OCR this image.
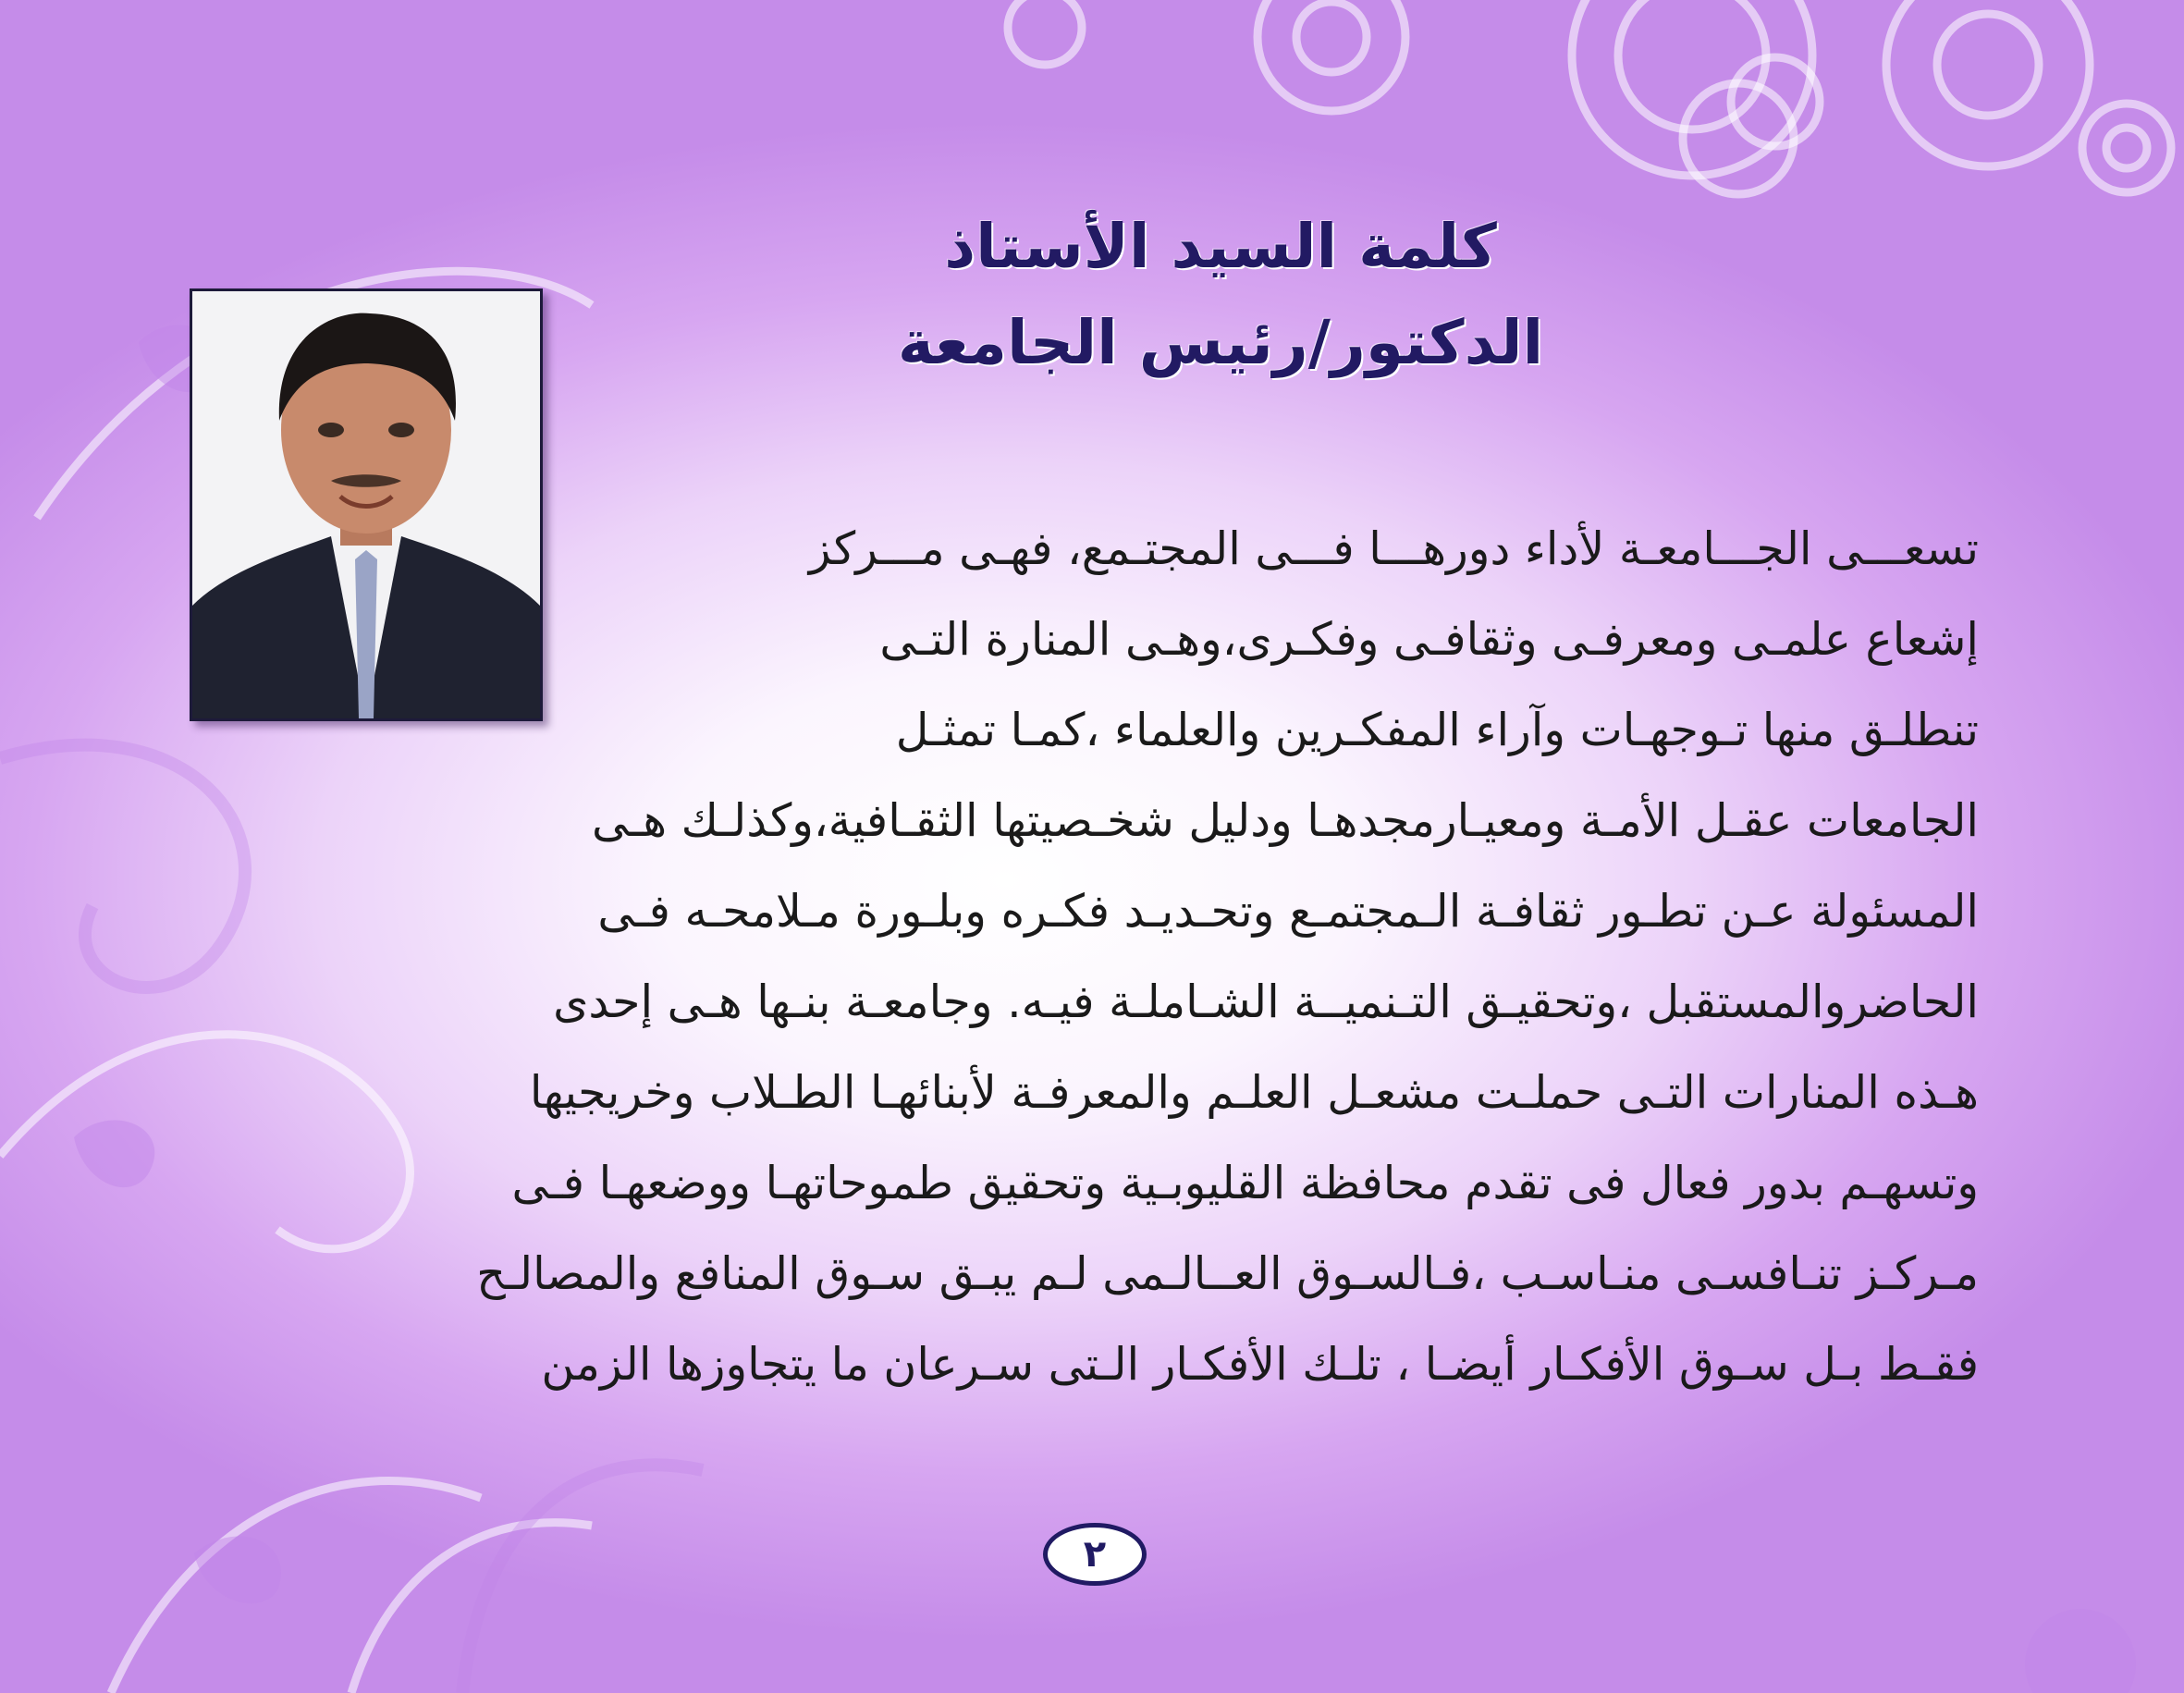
كلمة السيد الأستاذ
الدكتور/رئيس الجامعة
تسعـــى الجـــامعـة لأداء دورهـــا فـــى المجتـمع، فهـى مـــركز
إشعاع علمـى ومعرفـى وثقافـى وفكـرى،وهـى المنارة التـى
تنطلـق منها تـوجهـات وآراء المفكـرين والعلماء ،كمـا تمثـل
الجامعات عقـل الأمـة ومعيـارمجدهـا ودليل شخـصيتها الثقـافية،وكذلـك هـى
المسئولة عـن تطـور ثقافـة الـمجتمـع وتحـديـد فكـره وبلـورة مـلامحـه فـى
الحاضروالمستقبل ،وتحقيـق التـنميــة الشـاملـة فيـه. وجامعـة بنـها هـى إحدى
هـذه المنارات التـى حملـت مشعـل العلـم والمعرفـة لأبنائهـا الطـلاب وخريجيها
وتسهـم بدور فعال فى تقدم محافظة القليوبـية وتحقيق طموحاتهـا ووضعهـا فـى
مـركـز تنـافسـى منـاسـب ،فـالسـوق العــالـمى لـم يبـق سـوق المنافع والمصالـح
فقـط بـل سـوق الأفكـار أيضـا ، تلـك الأفكـار الـتى سـرعان ما يتجاوزها الزمن
٢
